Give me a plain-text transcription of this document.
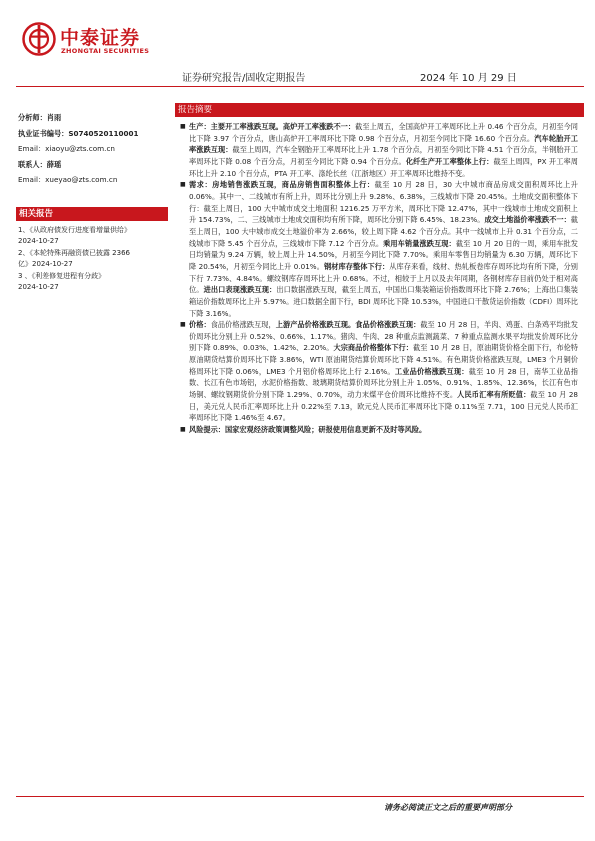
中泰证券
ZHONGTAI SECURITIES
证券研究报告/固收定期报告	2024 年 10 月 29 日
分析师：肖雨
执业证书编号：S0740520110001
Email：xiaoyu@zts.com.cn
联系人：薛瑶
Email：xueyao@zts.com.cn
相关报告
1、《从政府债发行进度看增量供给》
2024-10-27
2、《本轮特殊再融资债已披露 2366
亿》2024-10-27
3 、《利差修复进程有分歧》
2024-10-27
报告摘要

■ 生产：主要开工率涨跌互现。高炉开工率涨跌不一：截至上周五，全国高炉开工率周环比上升 0.46 个百分点，月初至今同比下降 3.97 个百分点，唐山高炉开工率周环比下降 0.98 个百分点，月初至今同比下降 16.60 个百分点。汽车轮胎开工率涨跌互现：截至上周四，汽车全钢胎开工率周环比上升 1.78 个百分点，月初至今同比下降 4.51 个百分点，半钢胎开工率周环比下降 0.08 个百分点，月初至今同比下降 0.94 个百分点。化纤生产开工率整体上行：截至上周四，PX 开工率周环比上升 2.10 个百分点，PTA 开工率、涤纶长丝（江浙地区）开工率周环比维持不变。

■ 需求：房地销售涨跌互现，商品房销售面积整体上行：截至 10 月 28 日，30 大中城市商品房成交面积周环比上升 0.06%。其中一、二线城市有所上升，周环比分别上升 9.28%、6.38%，三线城市下降 20.45%。土地成交面积整体下行：截至上周日，100 大中城市成交土地面积 1216.25 万平方米，周环比下降 12.47%，其中一线城市土地成交面积上升 154.73%，二、三线城市土地成交面积均有所下降，周环比分别下降 6.45%、18.23%。成交土地溢价率涨跌不一：截至上周日，100 大中城市成交土地溢价率为 2.66%，较上周下降 4.62 个百分点。其中一线城市上升 0.31 个百分点，二线城市下降 5.45 个百分点，三线城市下降 7.12 个百分点。乘用车销量涨跌互现：截至 10 月 20 日的一周，乘用车批发日均销量为 9.24 万辆，较上周上升 14.50%，月初至今同比下降 7.70%。乘用车零售日均销量为 6.30 万辆，周环比下降 20.54%，月初至今同比上升 0.01%。钢材库存整体下行：从库存来看，线材、热轧板卷库存周环比均有所下降，分别下行 7.73%、4.84%。螺纹钢库存周环比上升 0.68%。不过，相较于上月以及去年同期，各钢材库存目前仍处于相对高位。进出口表现涨跌互现：出口数据涨跌互现，截至上周五，中国出口集装箱运价指数周环比下降 2.76%；上海出口集装箱运价指数周环比上升 5.97%。进口数据全面下行，BDI 周环比下降 10.53%，中国进口干散货运价指数（CDFI）周环比下降 3.16%。

■ 价格：食品价格涨跌互现，上游产品价格涨跌互现。食品价格涨跌互现：截至 10 月 28 日，羊肉、鸡蛋、白条鸡平均批发价周环比分别上升 0.52%、0.66%、1.17%。猪肉、牛肉、28 种重点监测蔬菜、7 种重点监测水果平均批发价周环比分别下降 0.89%、0.03%、1.42%、2.20%。大宗商品价格整体下行：截至 10 月 28 日，原油期货价格全面下行，布伦特原油期货结算价周环比下降 3.86%，WTI 原油期货结算价周环比下降 4.51%。有色期货价格涨跌互现，LME3 个月铜价格周环比下降 0.06%，LME3 个月铝价格周环比上行 2.16%。工业品价格涨跌互现：截至 10 月 28 日，南华工业品指数、长江有色市场铝，水泥价格指数、玻璃期货结算价周环比分别上升 1.05%、0.91%、1.85%、12.36%，长江有色市场铜、螺纹钢期货价分别下降 1.29%、0.70%，动力末煤平仓价周环比维持不变。人民币汇率有所贬值：截至 10 月 28 日，美元兑人民币汇率周环比上升 0.22%至 7.13，欧元兑人民币汇率周环比下降 0.11%至 7.71，100 日元兑人民币汇率周环比下降 1.46%至 4.67。

■ 风险提示：国家宏观经济政策调整风险；研报使用信息更新不及时等风险。

请务必阅读正文之后的重要声明部分
